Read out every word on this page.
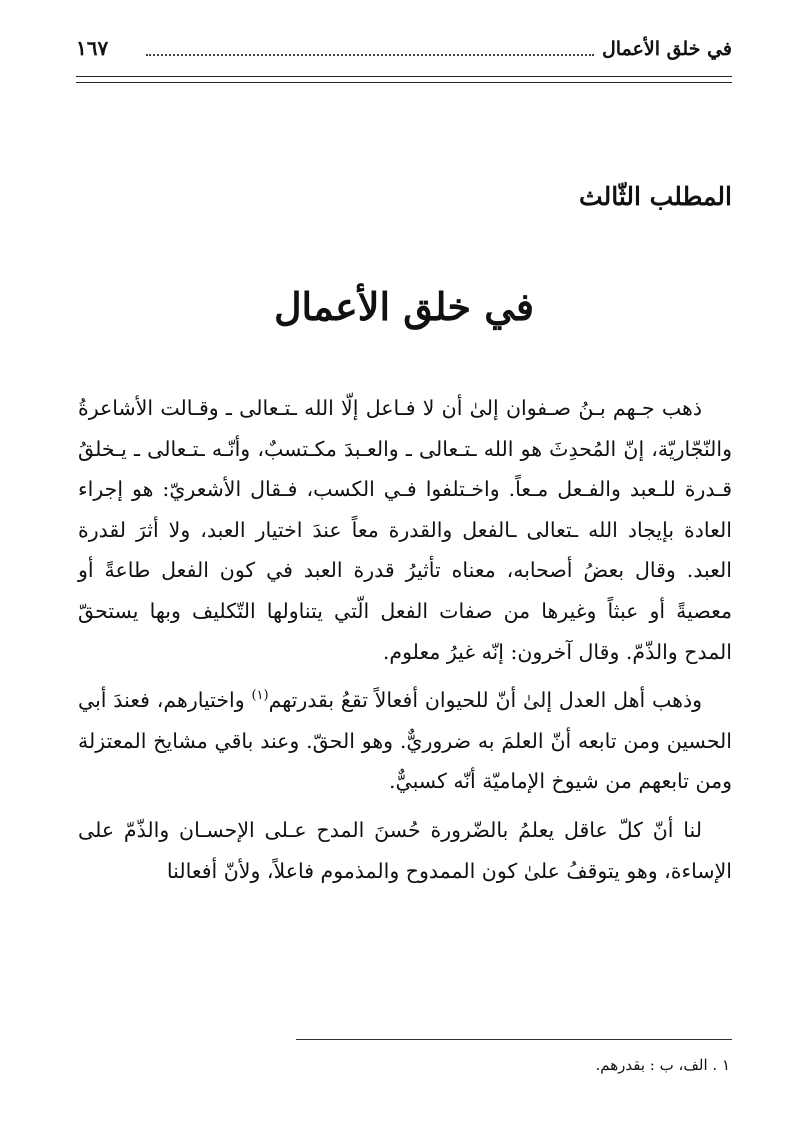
في خلق الأعمال
١٦٧
المطلب الثّالث
في خلق الأعمال

ذهب جـهم بـنُ صـفوان إلىٰ أن لا فـاعل إلّا الله ـتـعالى ـ وقـالت الأشاعرةُ والنّجّاريّة، إنّ المُحدِثَ هو الله ـتـعالى ـ والعـبدَ مكـتسبٌ، وأنّـه ـتـعالى ـ يـخلقُ قـدرة للـعبد والفـعل مـعاً. واخـتلفوا فـي الكسب، فـقال الأشعريّ: هو إجراء العادة بإيجاد الله ـتعالى ـالفعل والقدرة معاً عندَ اختيار العبد، ولا أثرَ لقدرة العبد. وقال بعضُ أصحابه، معناه تأثيرُ قدرة العبد في كون الفعل طاعةً أو معصيةً أو عبثاً وغيرها من صفات الفعل الّتي يتناولها التّكليف وبها يستحقّ المدح والذّمّ. وقال آخرون: إنّه غيرُ معلوم.

وذهب أهل العدل إلىٰ أنّ للحيوان أفعالاً تقعُ بقدرتهم$^{(١)}$ واختيارهم، فعندَ أبي الحسين ومن تابعه أنّ العلمَ به ضروريٌّ. وهو الحقّ. وعند باقي مشايخ المعتزلة ومن تابعهم من شيوخ الإماميّة أنّه كسبيٌّ.

لنا أنّ كلّ عاقل يعلمُ بالضّرورة حُسنَ المدح عـلى الإحسـان والذّمّ على الإساءة، وهو يتوقفُ علىٰ كون الممدوح والمذموم فاعلاً، ولأنّ أفعالنا

١ . الف، ب : بقدرهم.
